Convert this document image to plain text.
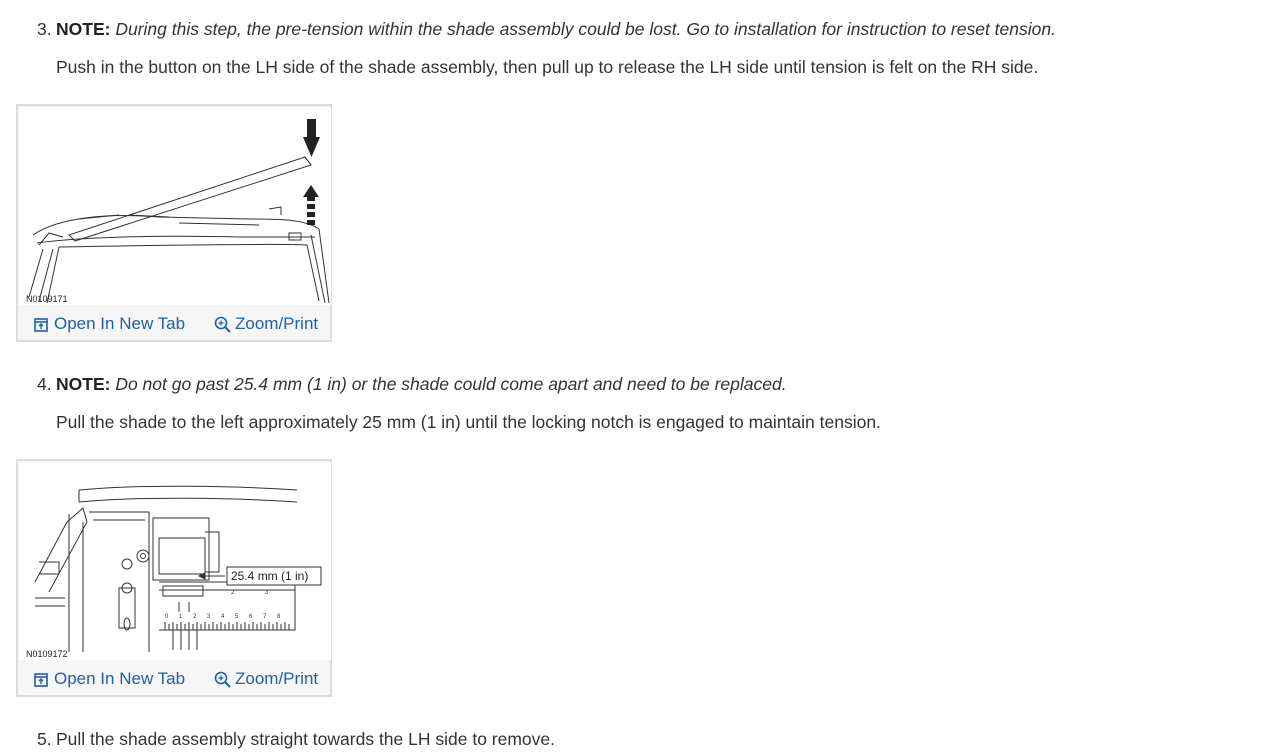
3. NOTE: During this step, the pre-tension within the shade assembly could be lost. Go to installation for instruction to reset tension.
Push in the button on the LH side of the shade assembly, then pull up to release the LH side until tension is felt on the RH side.
N0109171
Open In New Tab	Zoom/Print
4. NOTE: Do not go past 25.4 mm (1 in) or the shade could come apart and need to be replaced.
Pull the shade to the left approximately 25 mm (1 in) until the locking notch is engaged to maintain tension.
0 1 2 3 4 5 6 7 8
2	3
25.4 mm (1 in)
N0109172
Open In New Tab	Zoom/Print
5. Pull the shade assembly straight towards the LH side to remove.
